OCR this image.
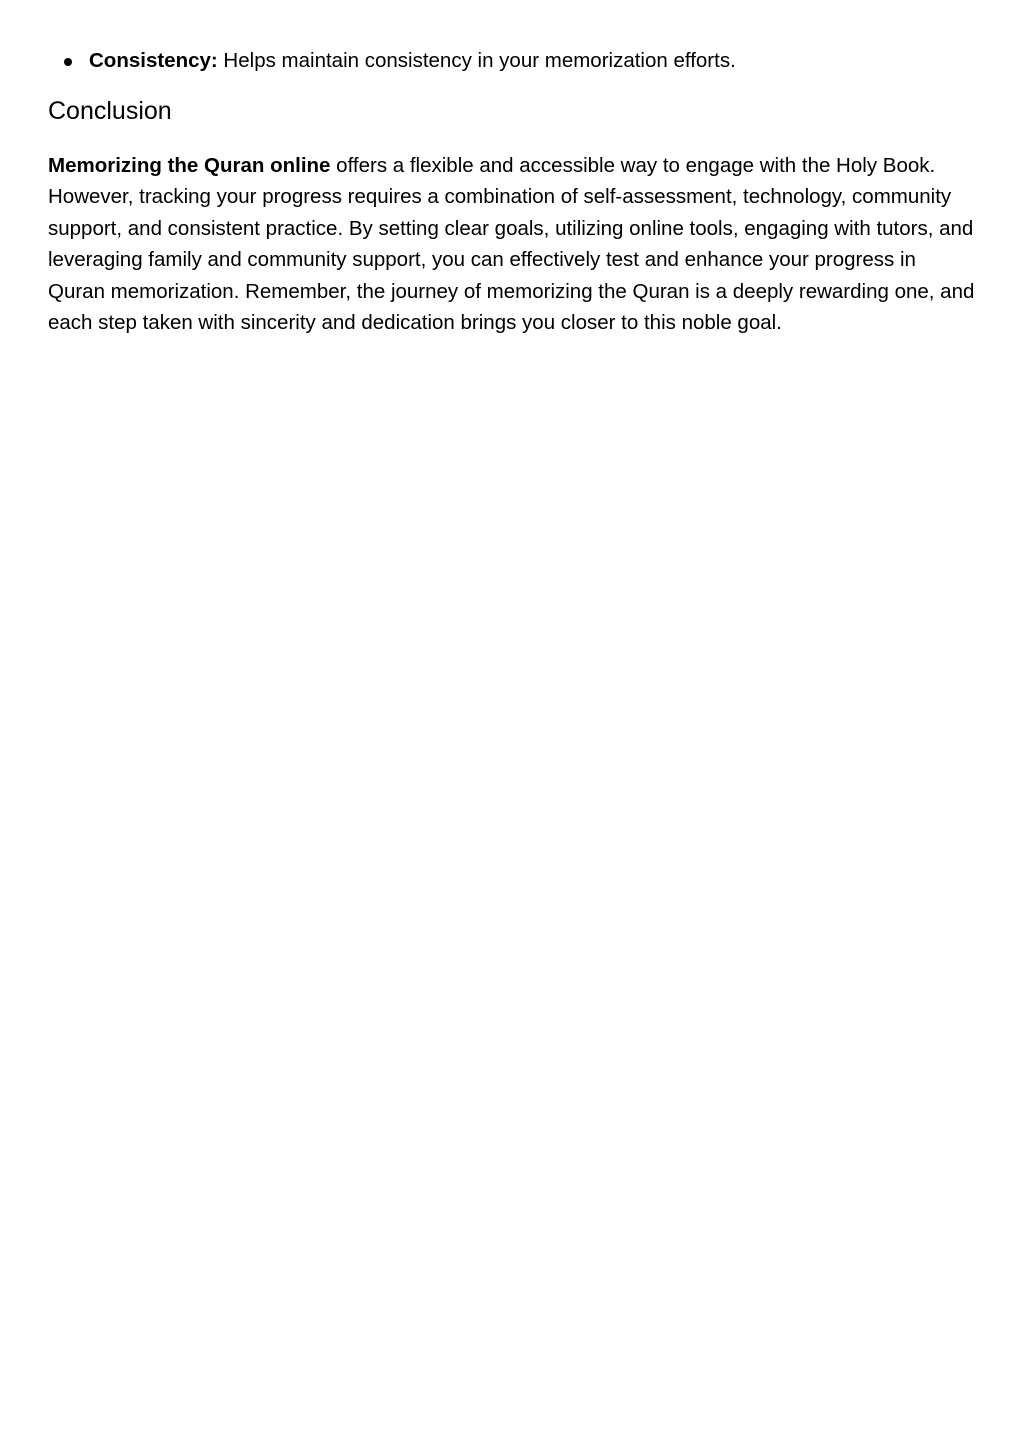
Consistency: Helps maintain consistency in your memorization efforts.
Conclusion

Memorizing the Quran online offers a flexible and accessible way to engage with the Holy Book. However, tracking your progress requires a combination of self-assessment, technology, community support, and consistent practice. By setting clear goals, utilizing online tools, engaging with tutors, and leveraging family and community support, you can effectively test and enhance your progress in Quran memorization. Remember, the journey of memorizing the Quran is a deeply rewarding one, and each step taken with sincerity and dedication brings you closer to this noble goal.
